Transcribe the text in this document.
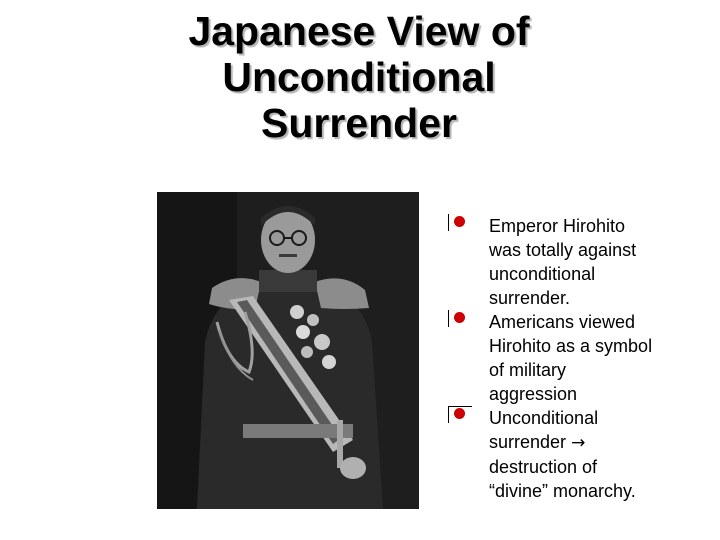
Japanese View of
Unconditional
Surrender
Emperor Hirohito
was totally against
unconditional
surrender.
Americans viewed
Hirohito as a symbol
of military
aggression
Unconditional
surrender →
destruction of
“divine” monarchy.
